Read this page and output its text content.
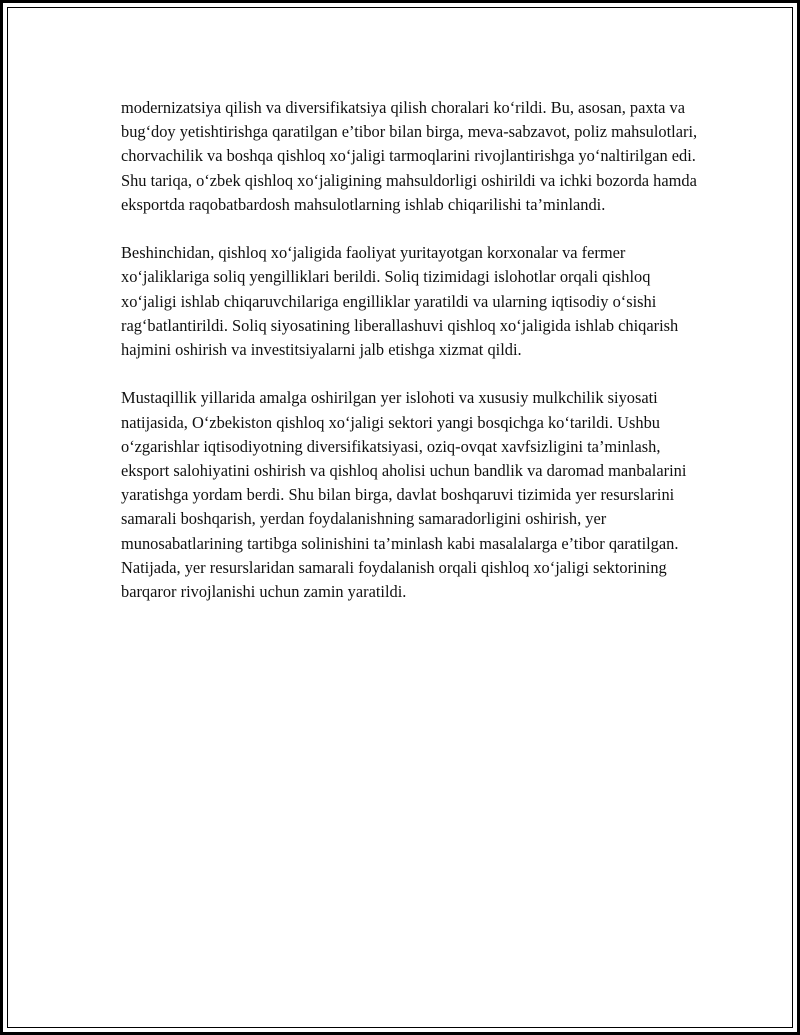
modernizatsiya qilish va diversifikatsiya qilish choralari ko‘rildi. Bu, asosan, paxta va bug‘doy yetishtirishga qaratilgan e’tibor bilan birga, meva-sabzavot, poliz mahsulotlari, chorvachilik va boshqa qishloq xo‘jaligi tarmoqlarini rivojlantirishga yo‘naltirilgan edi. Shu tariqa, o‘zbek qishloq xo‘jaligining mahsuldorligi oshirildi va ichki bozorda hamda eksportda raqobatbardosh mahsulotlarning ishlab chiqarilishi ta’minlandi.

Beshinchidan, qishloq xo‘jaligida faoliyat yuritayotgan korxonalar va fermer xo‘jaliklariga soliq yengilliklari berildi. Soliq tizimidagi islohotlar orqali qishloq xo‘jaligi ishlab chiqaruvchilariga engilliklar yaratildi va ularning iqtisodiy o‘sishi rag‘batlantirildi. Soliq siyosatining liberallashuvi qishloq xo‘jaligida ishlab chiqarish hajmini oshirish va investitsiyalarni jalb etishga xizmat qildi.

Mustaqillik yillarida amalga oshirilgan yer islohoti va xususiy mulkchilik siyosati natijasida, O‘zbekiston qishloq xo‘jaligi sektori yangi bosqichga ko‘tarildi. Ushbu o‘zgarishlar iqtisodiyotning diversifikatsiyasi, oziq-ovqat xavfsizligini ta’minlash, eksport salohiyatini oshirish va qishloq aholisi uchun bandlik va daromad manbalarini yaratishga yordam berdi. Shu bilan birga, davlat boshqaruvi tizimida yer resurslarini samarali boshqarish, yerdan foydalanishning samaradorligini oshirish, yer munosabatlarining tartibga solinishini ta’minlash kabi masalalarga e’tibor qaratilgan. Natijada, yer resurslaridan samarali foydalanish orqali qishloq xo‘jaligi sektorining barqaror rivojlanishi uchun zamin yaratildi.
